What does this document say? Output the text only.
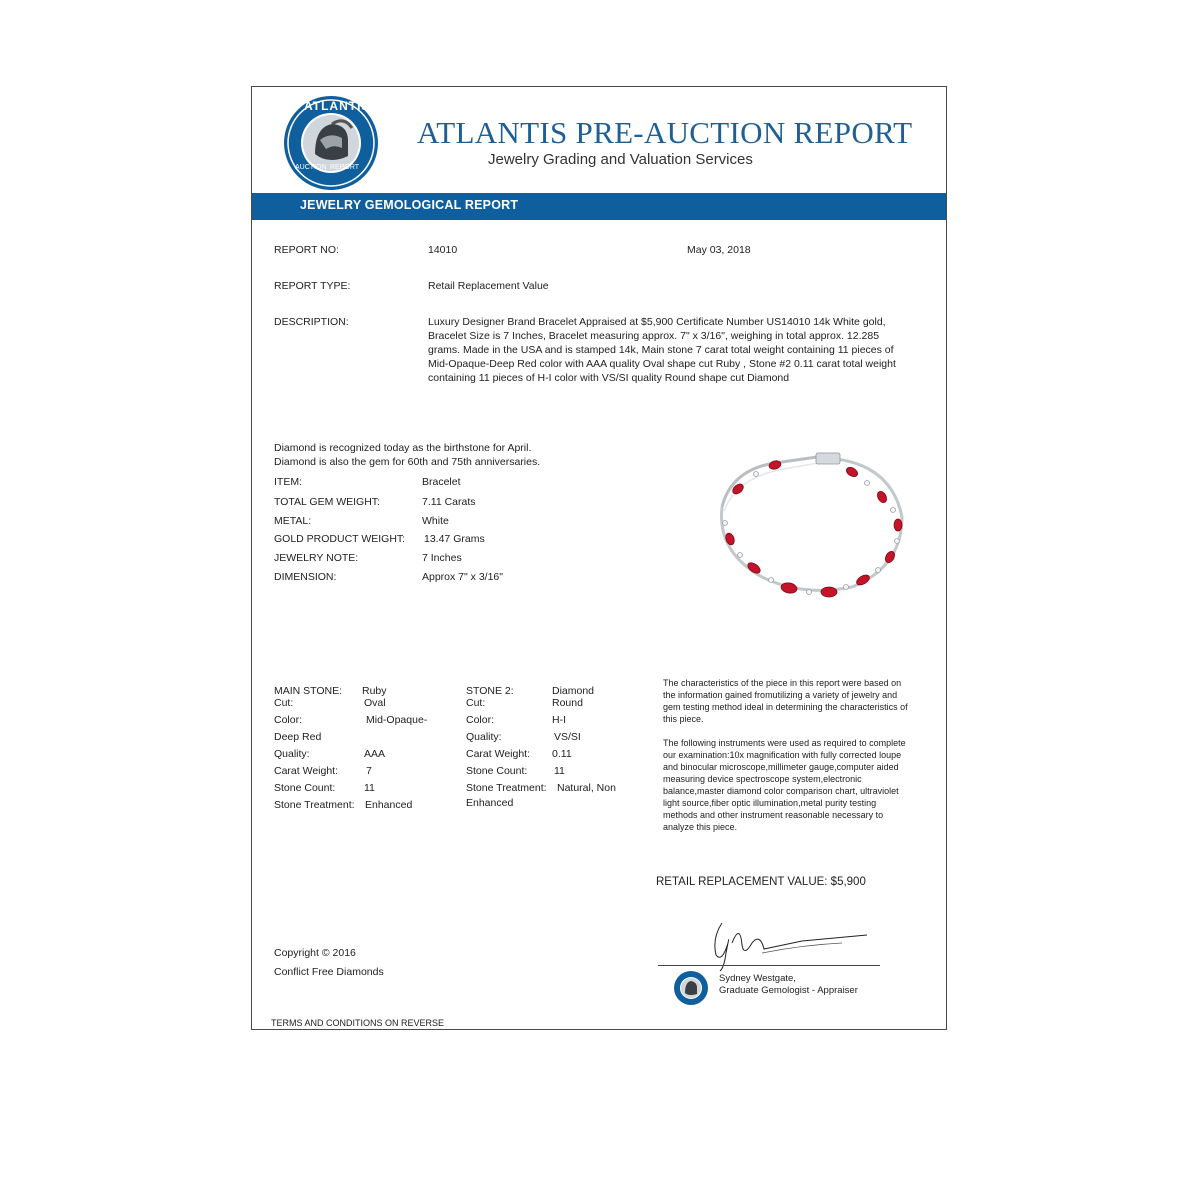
ATLANTIS
AUCTION REPORT
ATLANTIS PRE-AUCTION REPORT
Jewelry Grading and Valuation Services
JEWELRY GEMOLOGICAL REPORT
REPORT NO:	14010	May 03, 2018
REPORT TYPE:	Retail Replacement Value
DESCRIPTION:	Luxury Designer Brand Bracelet Appraised at $5,900 Certificate Number US14010 14k White gold, Bracelet Size is 7 Inches, Bracelet measuring approx. 7" x 3/16", weighing in total approx. 12.285 grams. Made in the USA and is stamped 14k, Main stone 7 carat total weight containing 11 pieces of Mid-Opaque-Deep Red color with AAA quality Oval shape cut Ruby , Stone #2 0.11 carat total weight containing 11 pieces of H-I color with VS/SI quality Round shape cut Diamond
Diamond is recognized today as the birthstone for April.
Diamond is also the gem for 60th and 75th anniversaries.
ITEM:	Bracelet
TOTAL GEM WEIGHT:	7.11 Carats
METAL:	White
GOLD PRODUCT WEIGHT: 13.47 Grams
JEWELRY NOTE:	7 Inches
DIMENSION:	Approx 7" x 3/16"
MAIN STONE: Ruby
Cut:	Oval
Color:	Mid-Opaque-
Deep Red
Quality:	AAA
Carat Weight:	7
Stone Count:	11
Stone Treatment: Enhanced
STONE 2:	Diamond
Cut:	Round
Color:	H-I
Quality:	VS/SI
Carat Weight: 0.11
Stone Count:	11
Stone Treatment: Natural, Non
Enhanced
The characteristics of the piece in this report were based on the information gained fromutilizing a variety of jewelry and gem testing method ideal in determining the characteristics of this piece.
The following instruments were used as required to complete our examination:10x magnification with fully corrected loupe and binocular microscope,millimeter gauge,computer aided measuring device spectroscope system,electronic balance,master diamond color comparison chart, ultraviolet light source,fiber optic illumination,metal purity testing methods and other instrument reasonable necessary to analyze this piece.
RETAIL REPLACEMENT VALUE: $5,900
Copyright © 2016
Conflict Free Diamonds
Sydney Westgate,
Graduate Gemologist - Appraiser
TERMS AND CONDITIONS ON REVERSE
